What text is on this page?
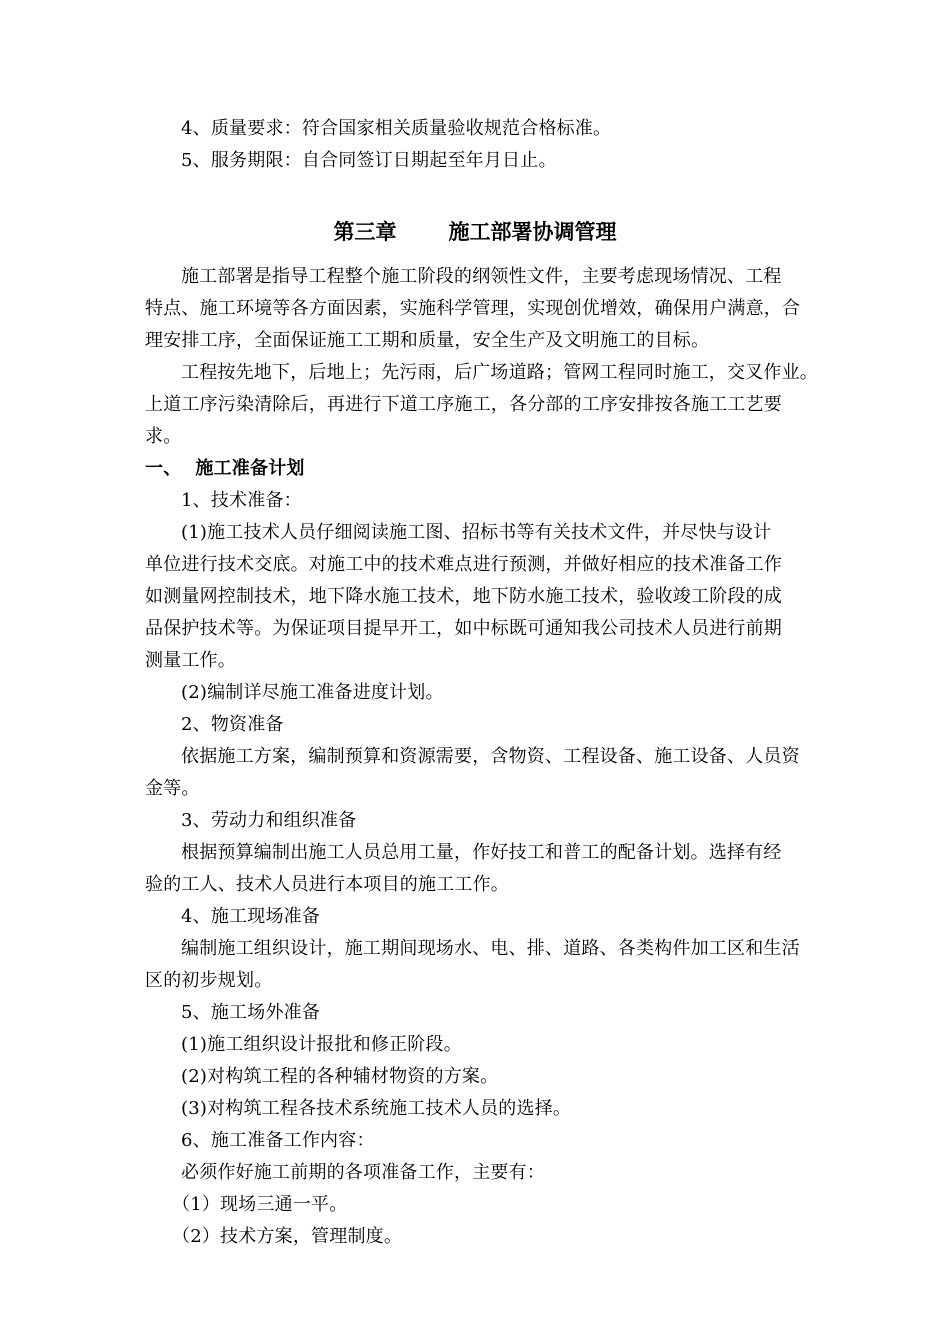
4、质量要求：符合国家相关质量验收规范合格标准。
5、服务期限：自合同签订日期起至年月日止。
第三章 施工部署协调管理
施工部署是指导工程整个施工阶段的纲领性文件，主要考虑现场情况、工程
特点、施工环境等各方面因素，实施科学管理，实现创优增效，确保用户满意，合
理安排工序，全面保证施工工期和质量，安全生产及文明施工的目标。
工程按先地下，后地上；先污雨，后广场道路；管网工程同时施工，交叉作业。
上道工序污染清除后，再进行下道工序施工，各分部的工序安排按各施工工艺要
求。
一、 施工准备计划
1、技术准备：
(1)施工技术人员仔细阅读施工图、招标书等有关技术文件，并尽快与设计
单位进行技术交底。对施工中的技术难点进行预测，并做好相应的技术准备工作
如测量网控制技术，地下降水施工技术，地下防水施工技术，验收竣工阶段的成
品保护技术等。为保证项目提早开工，如中标既可通知我公司技术人员进行前期
测量工作。
(2)编制详尽施工准备进度计划。
2、物资准备
依据施工方案，编制预算和资源需要，含物资、工程设备、施工设备、人员资
金等。
3、劳动力和组织准备
根据预算编制出施工人员总用工量，作好技工和普工的配备计划。选择有经
验的工人、技术人员进行本项目的施工工作。
4、施工现场准备
编制施工组织设计，施工期间现场水、电、排、道路、各类构件加工区和生活
区的初步规划。
5、施工场外准备
(1)施工组织设计报批和修正阶段。
(2)对构筑工程的各种辅材物资的方案。
(3)对构筑工程各技术系统施工技术人员的选择。
6、施工准备工作内容：
必须作好施工前期的各项准备工作，主要有：
（1）现场三通一平。
（2）技术方案，管理制度。
